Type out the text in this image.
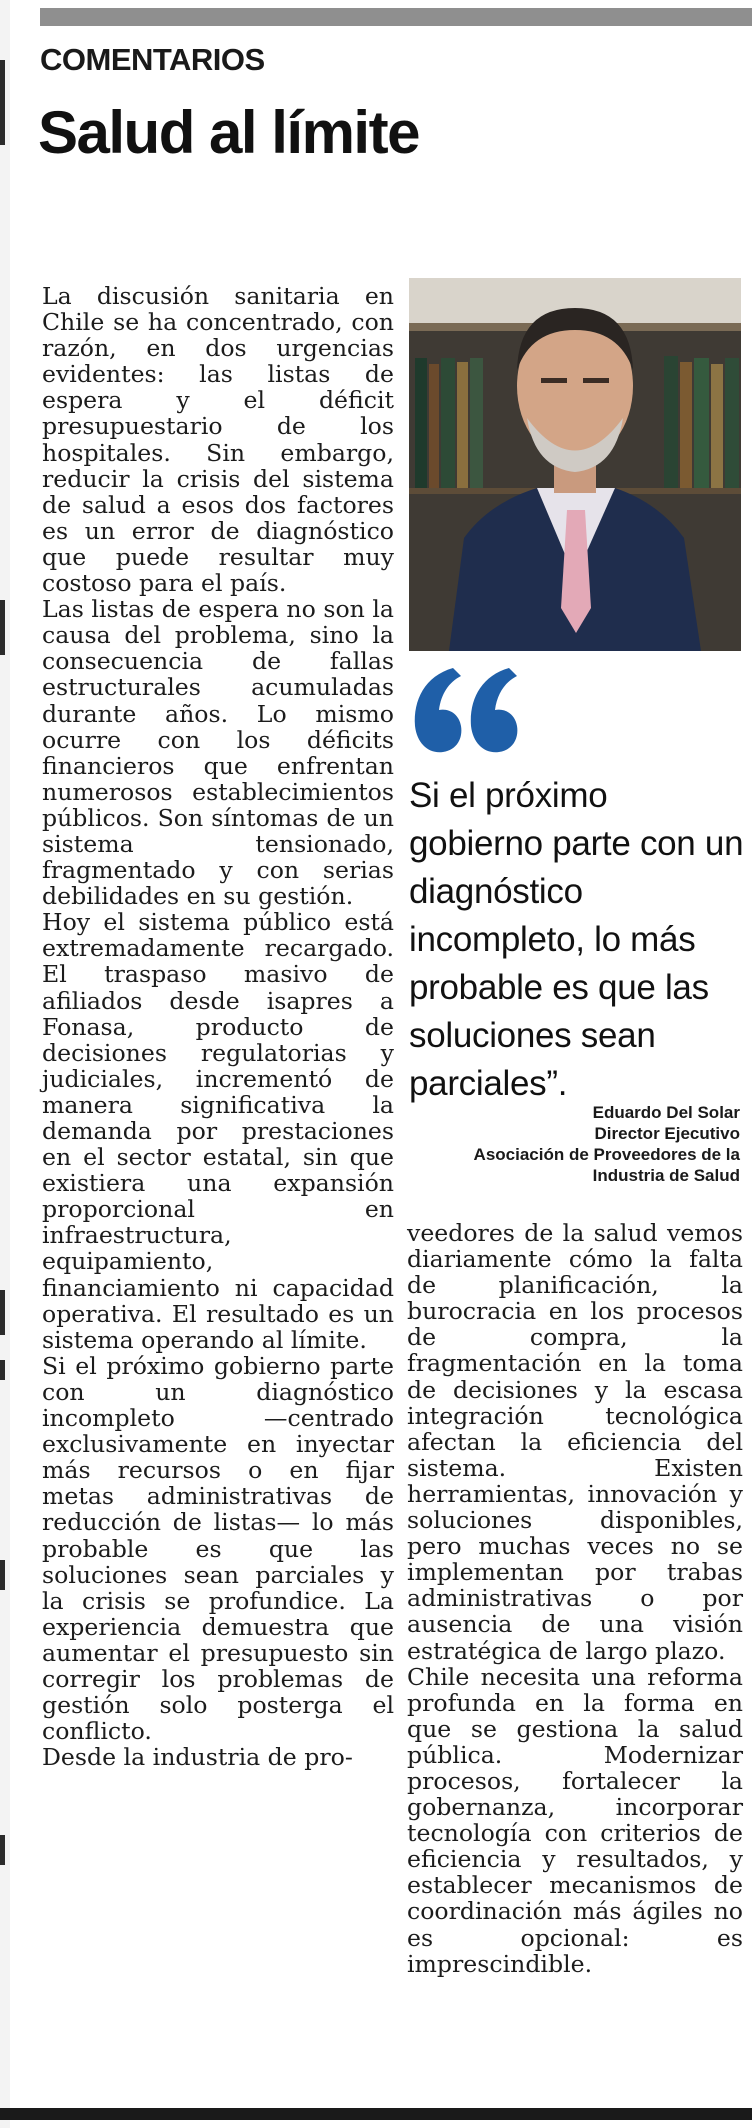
COMENTARIOS
Salud al límite

La discusión sanitaria en Chile se ha concentrado, con razón, en dos urgencias evidentes: las listas de espera y el déficit presupuestario de los hospitales. Sin embargo, reducir la crisis del sistema de salud a esos dos factores es un error de diagnóstico que puede resultar muy costoso para el país.

Las listas de espera no son la causa del problema, sino la consecuencia de fallas estructurales acumuladas durante años. Lo mismo ocurre con los déficits financieros que enfrentan numerosos establecimientos públicos. Son síntomas de un sistema tensionado, fragmentado y con serias debilidades en su gestión.

Hoy el sistema público está extremadamente recargado. El traspaso masivo de afiliados desde isapres a Fonasa, producto de decisiones regulatorias y judiciales, incrementó de manera significativa la demanda por prestaciones en el sector estatal, sin que existiera una expansión proporcional en infraestructura, equipamiento, financiamiento ni capacidad operativa. El resultado es un sistema operando al límite.

Si el próximo gobierno parte con un diagnóstico incompleto —centrado exclusivamente en inyectar más recursos o en fijar metas administrativas de reducción de listas— lo más probable es que las soluciones sean parciales y la crisis se profundice. La experiencia demuestra que aumentar el presupuesto sin corregir los problemas de gestión solo posterga el conflicto.

Desde la industria de pro-

Si el próximo gobierno parte con un diagnóstico incompleto, lo más probable es que las soluciones sean parciales”.
Eduardo Del Solar
Director Ejecutivo
Asociación de Proveedores de la
Industria de Salud

veedores de la salud vemos diariamente cómo la falta de planificación, la burocracia en los procesos de compra, la fragmentación en la toma de decisiones y la escasa integración tecnológica afectan la eficiencia del sistema. Existen herramientas, innovación y soluciones disponibles, pero muchas veces no se implementan por trabas administrativas o por ausencia de una visión estratégica de largo plazo.

Chile necesita una reforma profunda en la forma en que se gestiona la salud pública. Modernizar procesos, fortalecer la gobernanza, incorporar tecnología con criterios de eficiencia y resultados, y establecer mecanismos de coordinación más ágiles no es opcional: es imprescindible.
